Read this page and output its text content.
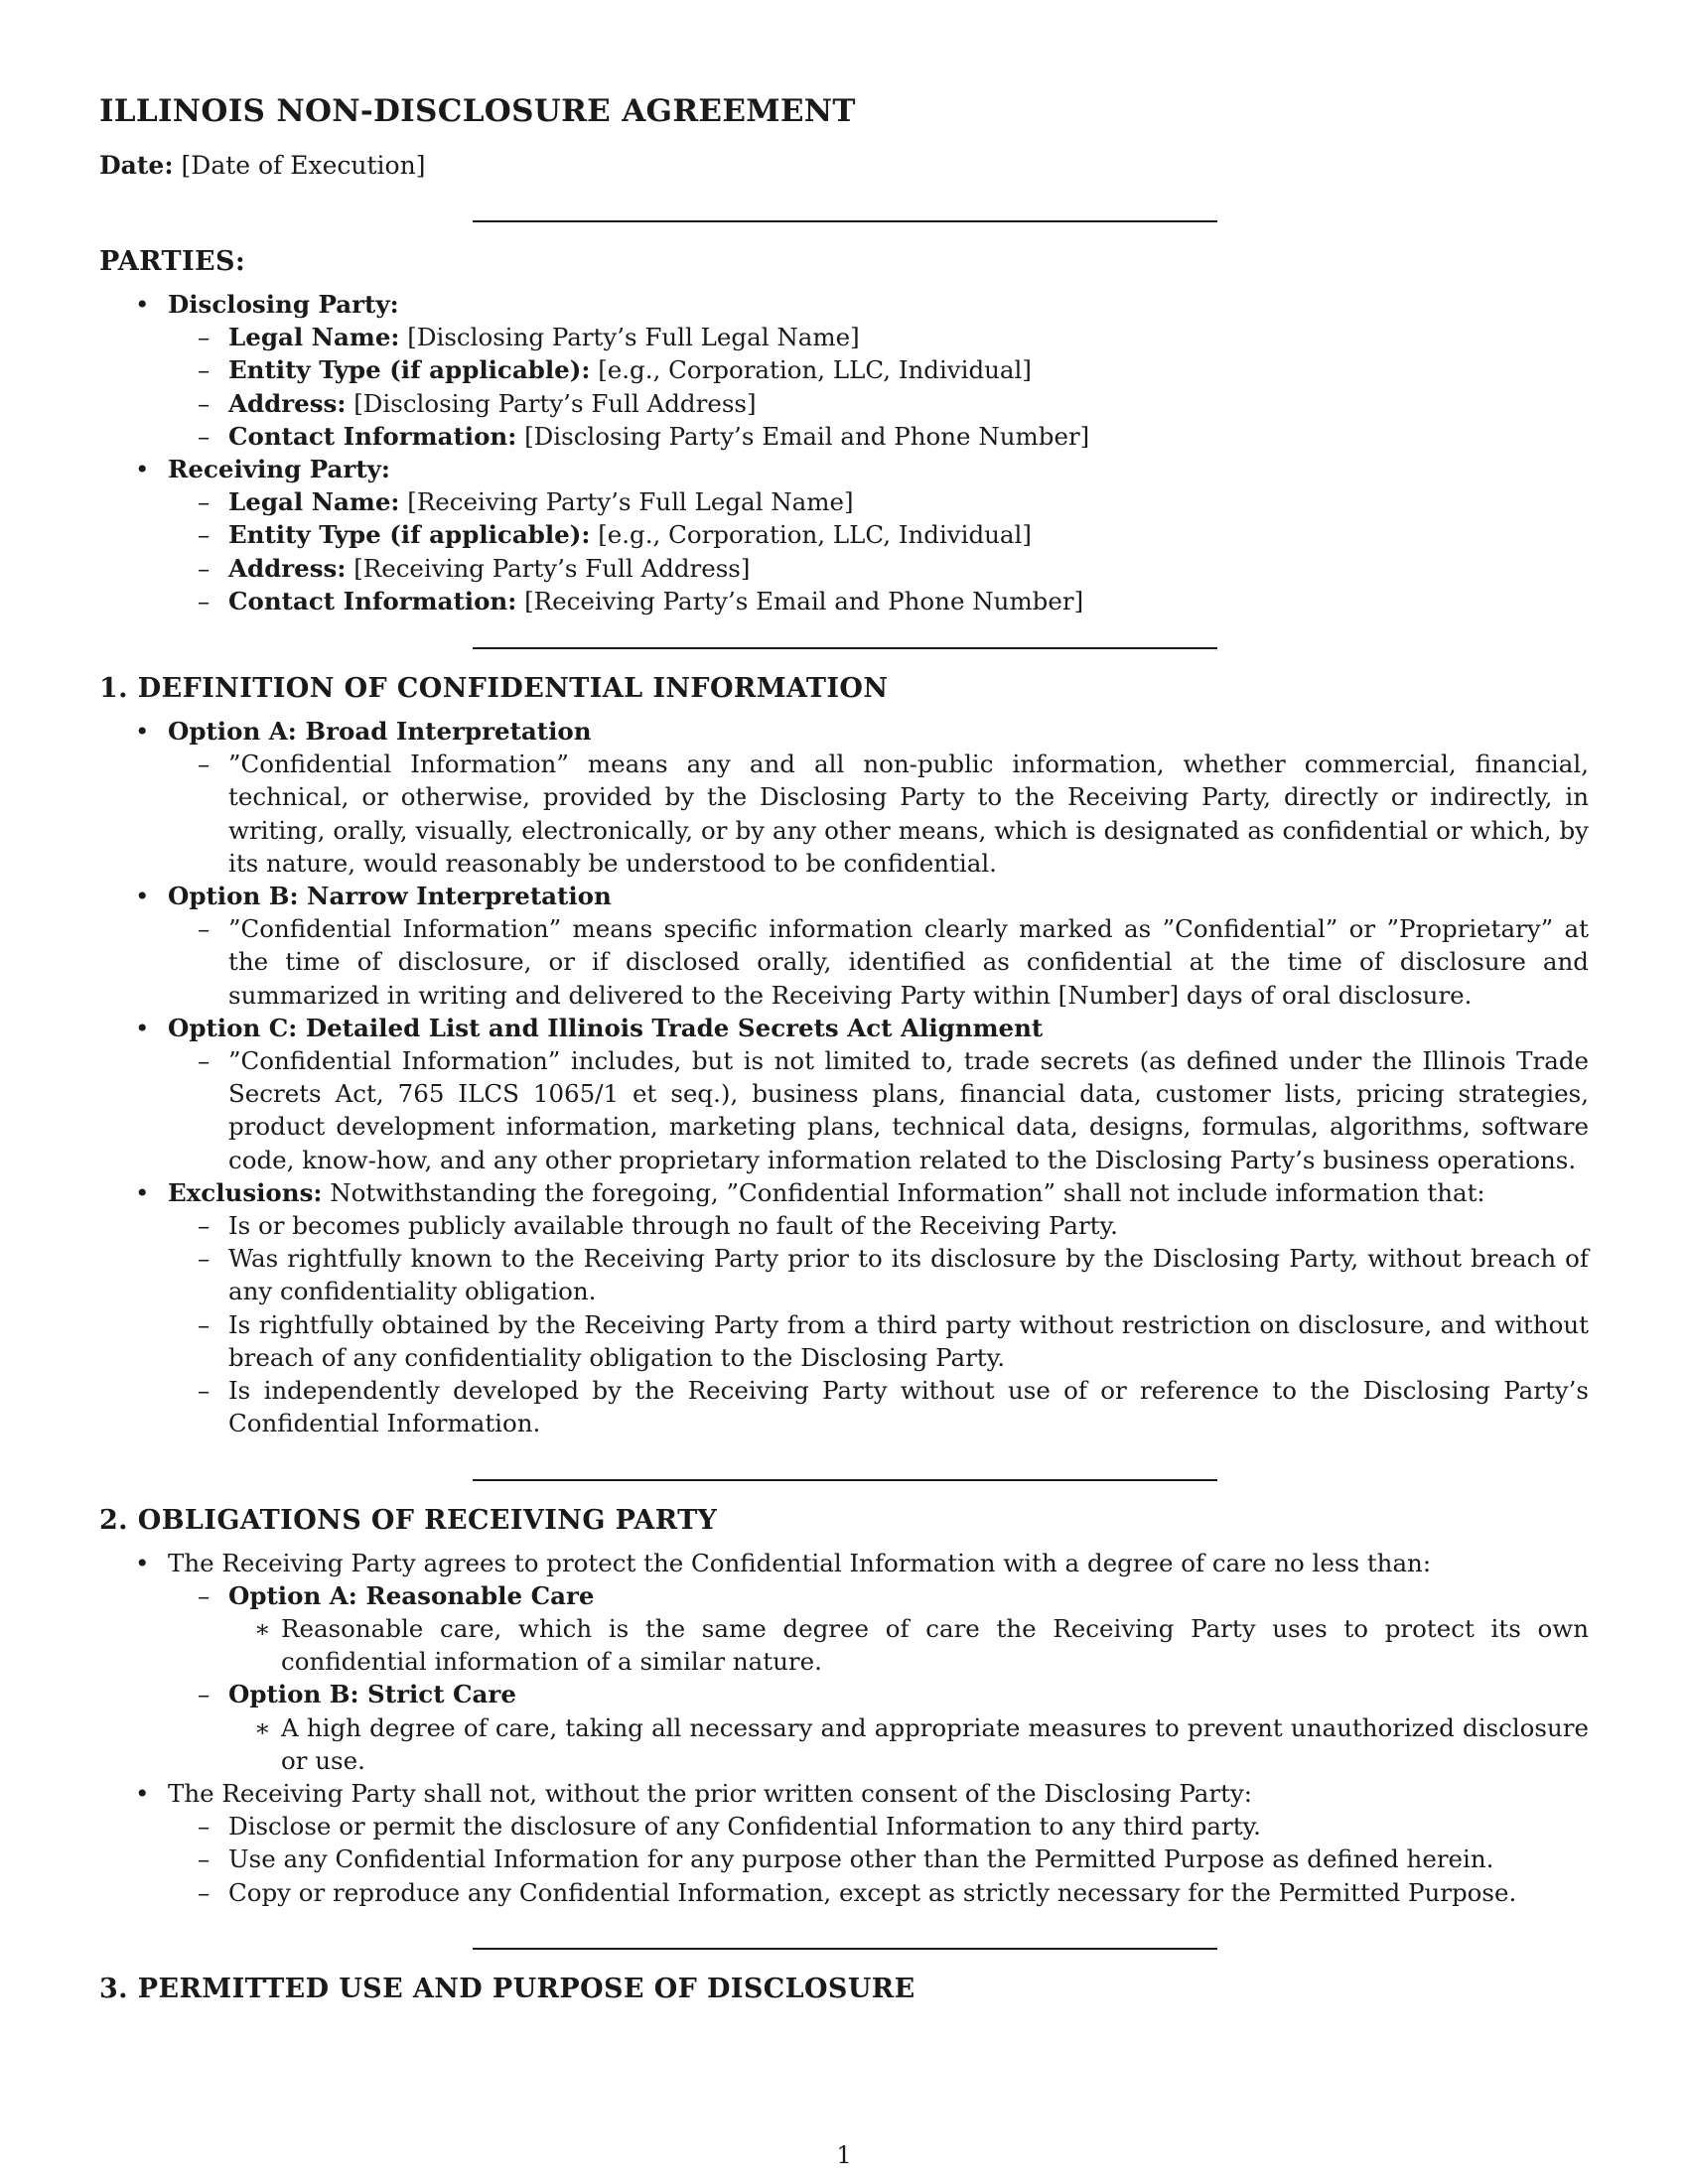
ILLINOIS NON-DISCLOSURE AGREEMENT

Date: [Date of Execution]

PARTIES:

• Disclosing Party:
– Legal Name: [Disclosing Party’s Full Legal Name]
– Entity Type (if applicable): [e.g., Corporation, LLC, Individual]
– Address: [Disclosing Party’s Full Address]
– Contact Information: [Disclosing Party’s Email and Phone Number]
• Receiving Party:
– Legal Name: [Receiving Party’s Full Legal Name]
– Entity Type (if applicable): [e.g., Corporation, LLC, Individual]
– Address: [Receiving Party’s Full Address]
– Contact Information: [Receiving Party’s Email and Phone Number]

1. DEFINITION OF CONFIDENTIAL INFORMATION

• Option A: Broad Interpretation
– ”Confidential Information” means any and all non-public information, whether commercial, financial, technical, or otherwise, provided by the Disclosing Party to the Receiving Party, directly or indirectly, in writing, orally, visually, electronically, or by any other means, which is designated as confidential or which, by its nature, would reasonably be understood to be confidential.
• Option B: Narrow Interpretation
– ”Confidential Information” means specific information clearly marked as ”Confidential” or ”Proprietary” at the time of disclosure, or if disclosed orally, identified as confidential at the time of disclosure and summarized in writing and delivered to the Receiving Party within [Number] days of oral disclosure.
• Option C: Detailed List and Illinois Trade Secrets Act Alignment
– ”Confidential Information” includes, but is not limited to, trade secrets (as defined under the Illinois Trade Secrets Act, 765 ILCS 1065/1 et seq.), business plans, financial data, customer lists, pricing strategies, product development information, marketing plans, technical data, designs, formulas, algorithms, software code, know-how, and any other proprietary information related to the Disclosing Party’s business operations.
• Exclusions: Notwithstanding the foregoing, ”Confidential Information” shall not include information that:
– Is or becomes publicly available through no fault of the Receiving Party.
– Was rightfully known to the Receiving Party prior to its disclosure by the Disclosing Party, without breach of any confidentiality obligation.
– Is rightfully obtained by the Receiving Party from a third party without restriction on disclosure, and without breach of any confidentiality obligation to the Disclosing Party.
– Is independently developed by the Receiving Party without use of or reference to the Disclosing Party’s Confidential Information.

2. OBLIGATIONS OF RECEIVING PARTY

• The Receiving Party agrees to protect the Confidential Information with a degree of care no less than:
– Option A: Reasonable Care
∗ Reasonable care, which is the same degree of care the Receiving Party uses to protect its own confidential information of a similar nature.
– Option B: Strict Care
∗ A high degree of care, taking all necessary and appropriate measures to prevent unauthorized disclosure or use.
• The Receiving Party shall not, without the prior written consent of the Disclosing Party:
– Disclose or permit the disclosure of any Confidential Information to any third party.
– Use any Confidential Information for any purpose other than the Permitted Purpose as defined herein.
– Copy or reproduce any Confidential Information, except as strictly necessary for the Permitted Purpose.

3. PERMITTED USE AND PURPOSE OF DISCLOSURE

1
